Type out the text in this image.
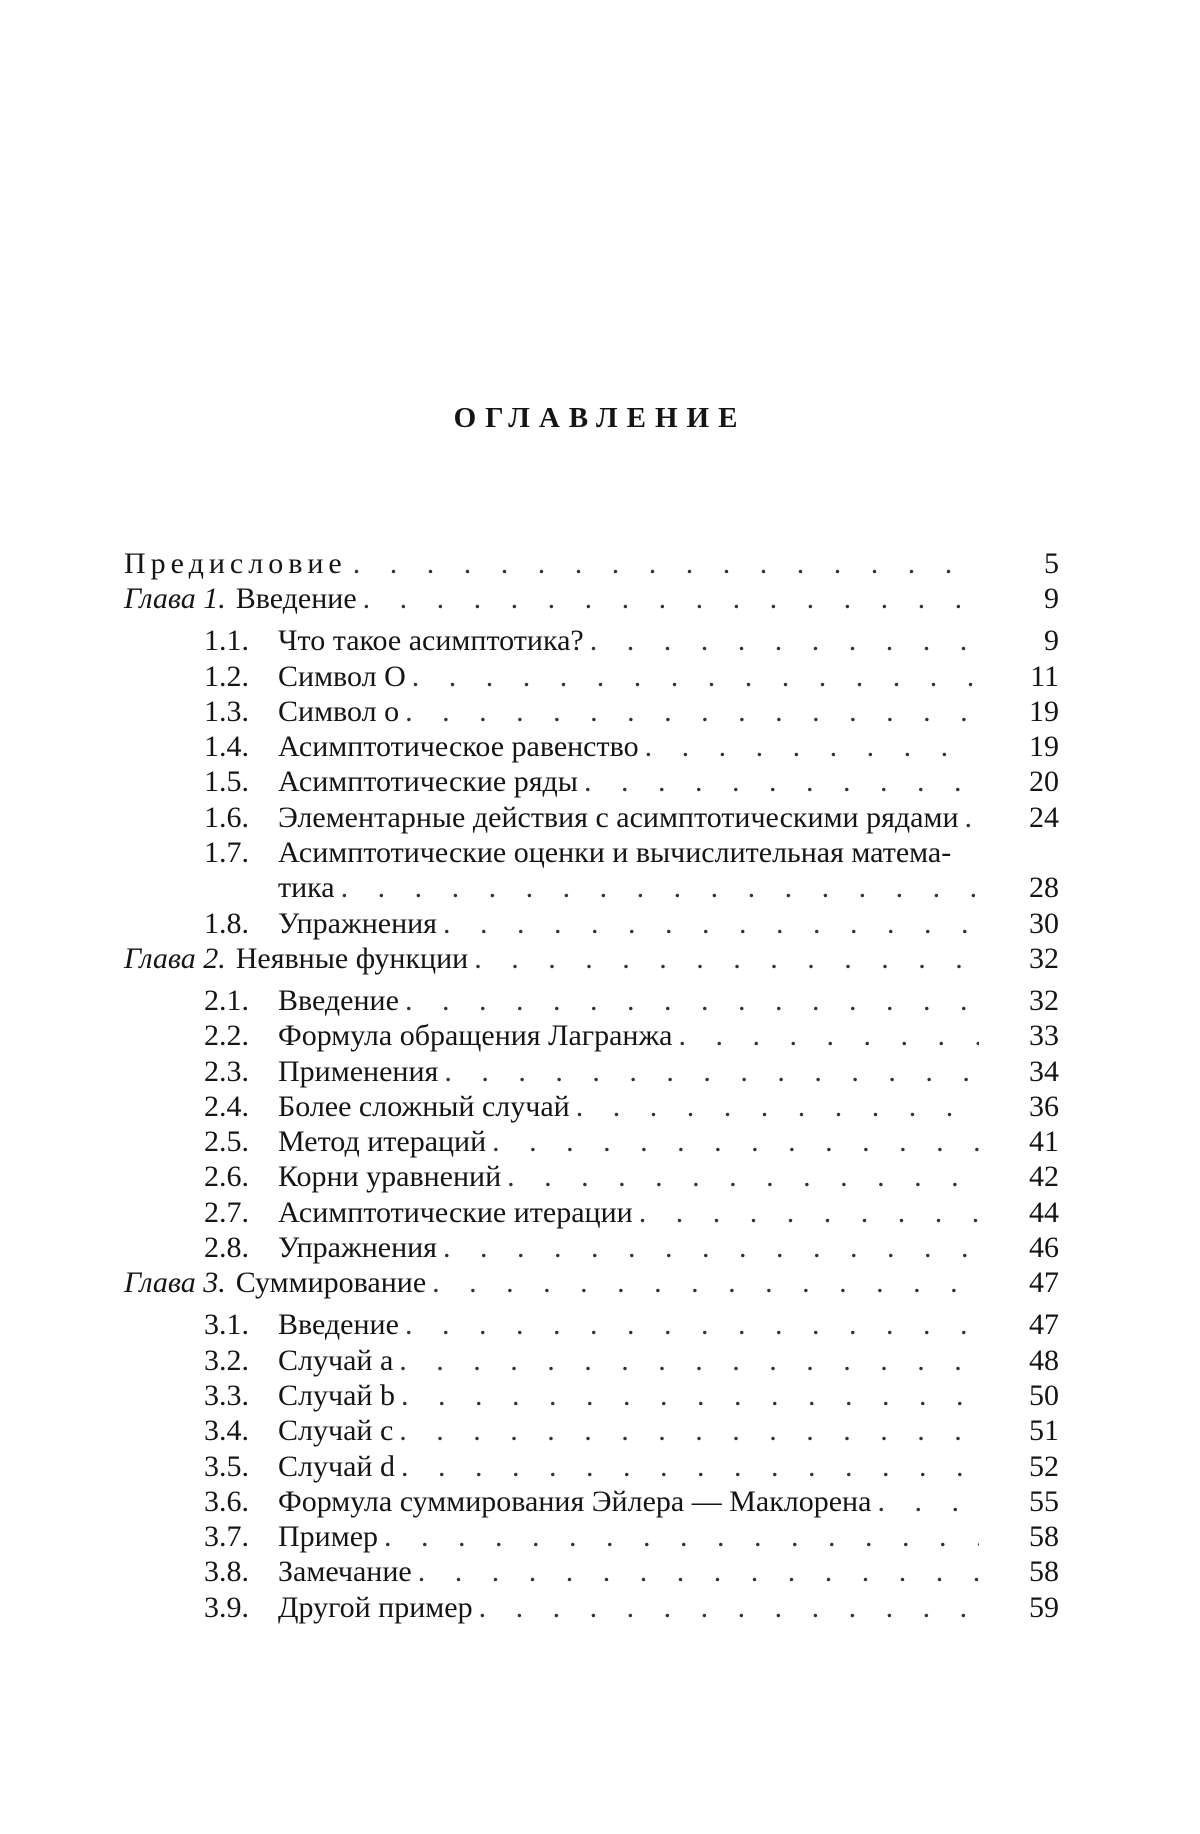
ОГЛАВЛЕНИЕ
Предисловие . . . . . . . . . . . . . . . . .	5
Глава 1. Введение . . . . . . . . . . . . . . . . .	9
1.1. Что такое асимптотика? . . . . . . . . . . .	9
1.2. Символ O . . . . . . . . . . . . . . .	11
1.3. Символ o . . . . . . . . . . . . . . . .	19
1.4. Асимптотическое равенство . . . . . . . . .	19
1.5. Асимптотические ряды . . . . . . . . . . .	20
1.6. Элементарные действия с асимптотическими рядами	24
1.7. Асимптотические оценки и вычислительная матема-
тика . . . . . . . . . . . . . . . . .	28
1.8. Упражнения . . . . . . . . . . . . . . .	30
Глава 2. Неявные функции . . . . . . . . . . . . . .	32
2.1. Введение . . . . . . . . . . . . . . . .	32
2.2. Формула обращения Лагранжа . . . . . . . .	33
2.3. Применения . . . . . . . . . . . . . . .	34
2.4. Более сложный случай . . . . . . . . . . .	36
2.5. Метод итераций . . . . . . . . . . . . .	41
2.6. Корни уравнений . . . . . . . . . . . . .	42
2.7. Асимптотические итерации . . . . . . . . .	44
2.8. Упражнения . . . . . . . . . . . . . . .	46
Глава 3. Суммирование . . . . . . . . . . . . . . .	47
3.1. Введение . . . . . . . . . . . . . . . .	47
3.2. Случай a . . . . . . . . . . . . . . . .	48
3.3. Случай b . . . . . . . . . . . . . . . .	50
3.4. Случай c . . . . . . . . . . . . . . . .	51
3.5. Случай d . . . . . . . . . . . . . . . .	52
3.6. Формула суммирования Эйлера — Маклорена . . .	55
3.7. Пример . . . . . . . . . . . . . . . .	58
3.8. Замечание . . . . . . . . . . . . . . .	58
3.9. Другой пример . . . . . . . . . . . . . .	59
